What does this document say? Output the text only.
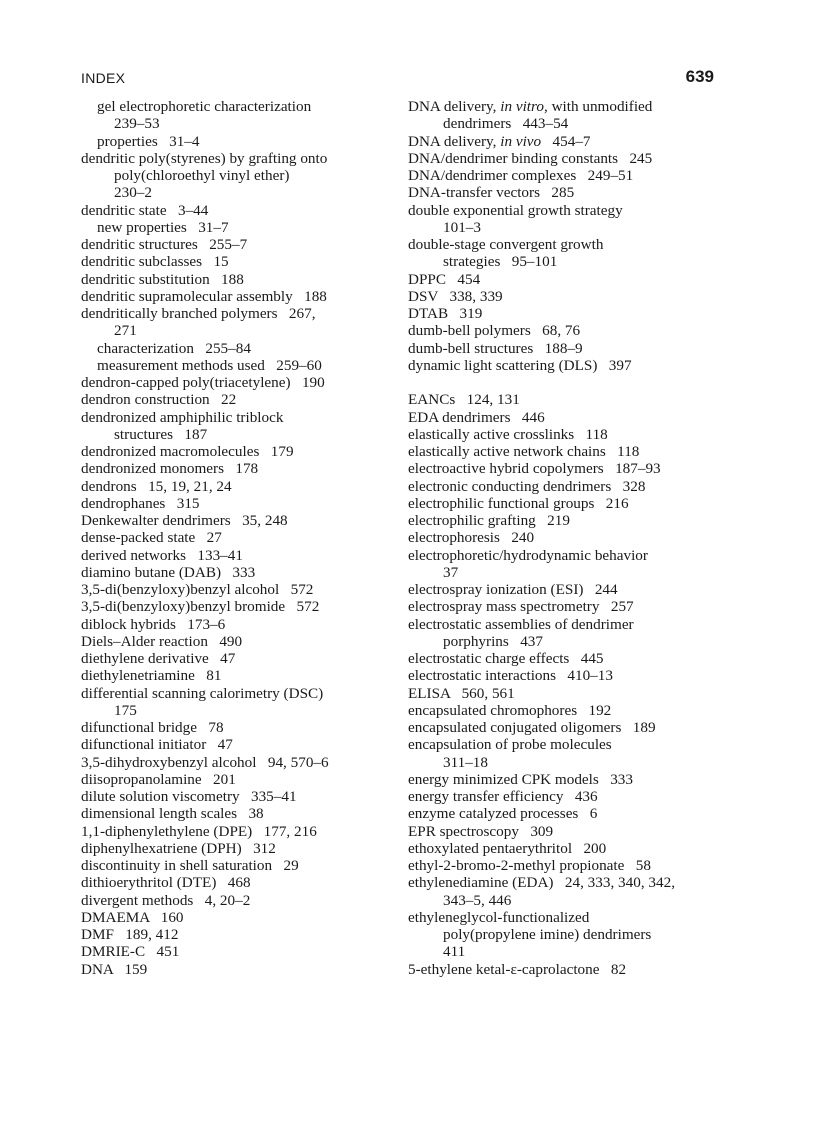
INDEX	639
gel electrophoretic characterization
239–53
properties   31–4
dendritic poly(styrenes) by grafting onto
poly(chloroethyl vinyl ether)
230–2
dendritic state   3–44
new properties   31–7
dendritic structures   255–7
dendritic subclasses   15
dendritic substitution   188
dendritic supramolecular assembly   188
dendritically branched polymers   267,
271
characterization   255–84
measurement methods used   259–60
dendron-capped poly(triacetylene)   190
dendron construction   22
dendronized amphiphilic triblock
structures   187
dendronized macromolecules   179
dendronized monomers   178
dendrons   15, 19, 21, 24
dendrophanes   315
Denkewalter dendrimers   35, 248
dense-packed state   27
derived networks   133–41
diamino butane (DAB)   333
3,5-di(benzyloxy)benzyl alcohol   572
3,5-di(benzyloxy)benzyl bromide   572
diblock hybrids   173–6
Diels–Alder reaction   490
diethylene derivative   47
diethylenetriamine   81
differential scanning calorimetry (DSC)
175
difunctional bridge   78
difunctional initiator   47
3,5-dihydroxybenzyl alcohol   94, 570–6
diisopropanolamine   201
dilute solution viscometry   335–41
dimensional length scales   38
1,1-diphenylethylene (DPE)   177, 216
diphenylhexatriene (DPH)   312
discontinuity in shell saturation   29
dithioerythritol (DTE)   468
divergent methods   4, 20–2
DMAEMA   160
DMF   189, 412
DMRIE-C   451
DNA   159
DNA delivery, in vitro, with unmodified
dendrimers   443–54
DNA delivery, in vivo   454–7
DNA/dendrimer binding constants   245
DNA/dendrimer complexes   249–51
DNA-transfer vectors   285
double exponential growth strategy
101–3
double-stage convergent growth
strategies   95–101
DPPC   454
DSV   338, 339
DTAB   319
dumb-bell polymers   68, 76
dumb-bell structures   188–9
dynamic light scattering (DLS)   397
EANCs   124, 131
EDA dendrimers   446
elastically active crosslinks   118
elastically active network chains   118
electroactive hybrid copolymers   187–93
electronic conducting dendrimers   328
electrophilic functional groups   216
electrophilic grafting   219
electrophoresis   240
electrophoretic/hydrodynamic behavior
37
electrospray ionization (ESI)   244
electrospray mass spectrometry   257
electrostatic assemblies of dendrimer
porphyrins   437
electrostatic charge effects   445
electrostatic interactions   410–13
ELISA   560, 561
encapsulated chromophores   192
encapsulated conjugated oligomers   189
encapsulation of probe molecules
311–18
energy minimized CPK models   333
energy transfer efficiency   436
enzyme catalyzed processes   6
EPR spectroscopy   309
ethoxylated pentaerythritol   200
ethyl-2-bromo-2-methyl propionate   58
ethylenediamine (EDA)   24, 333, 340, 342,
343–5, 446
ethyleneglycol-functionalized
poly(propylene imine) dendrimers
411
5-ethylene ketal-ε-caprolactone   82
